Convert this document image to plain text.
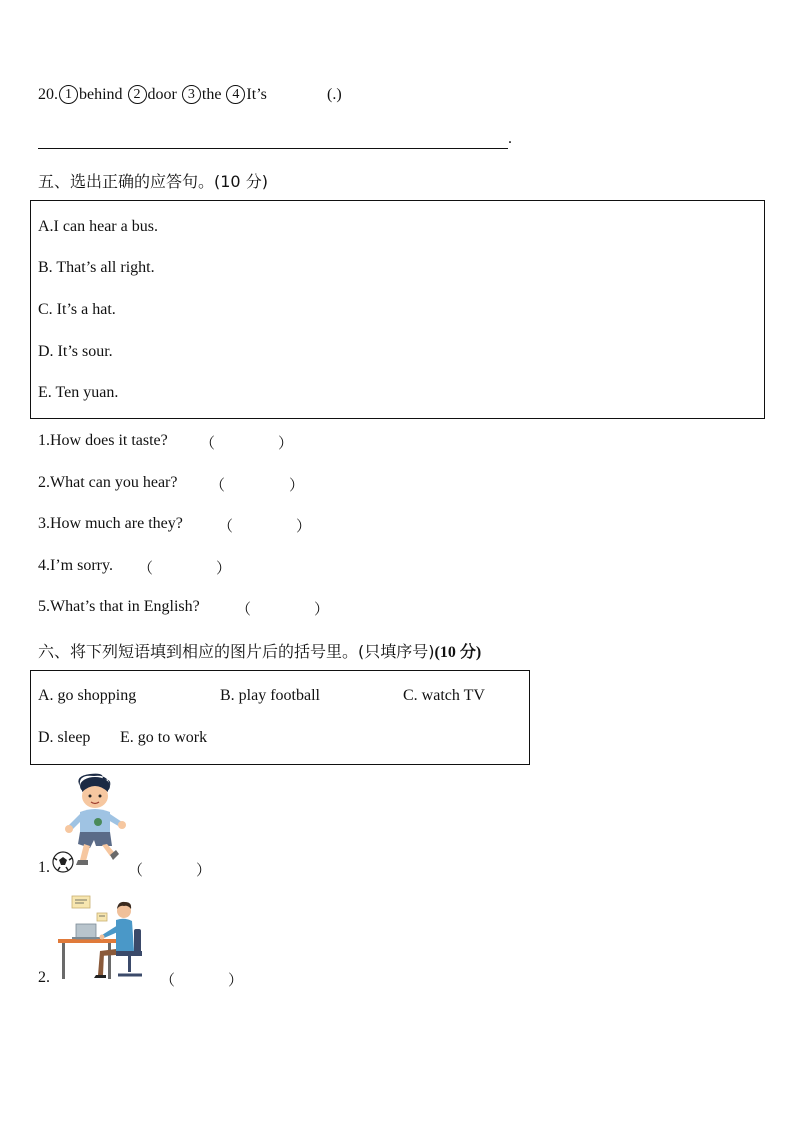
20. 1 behind 2 door 3 the 4 It’s	(.)
.
五、选出正确的应答句。(10 分)
A.I can hear a bus.
B. That’s all right.
C. It’s a hat.
D. It’s sour.
E. Ten yuan.
1.How does it taste? （	）
2.What can you hear? （	）
3.How much are they? （	）
4.I’m sorry. （	）
5.What’s that in English? （	）
六、将下列短语填到相应的图片后的括号里。(只填序号)(10 分)
A. go shopping	B. play football	C. watch TV
D. sleep E. go to work
1.	（	）
2.	（	）
